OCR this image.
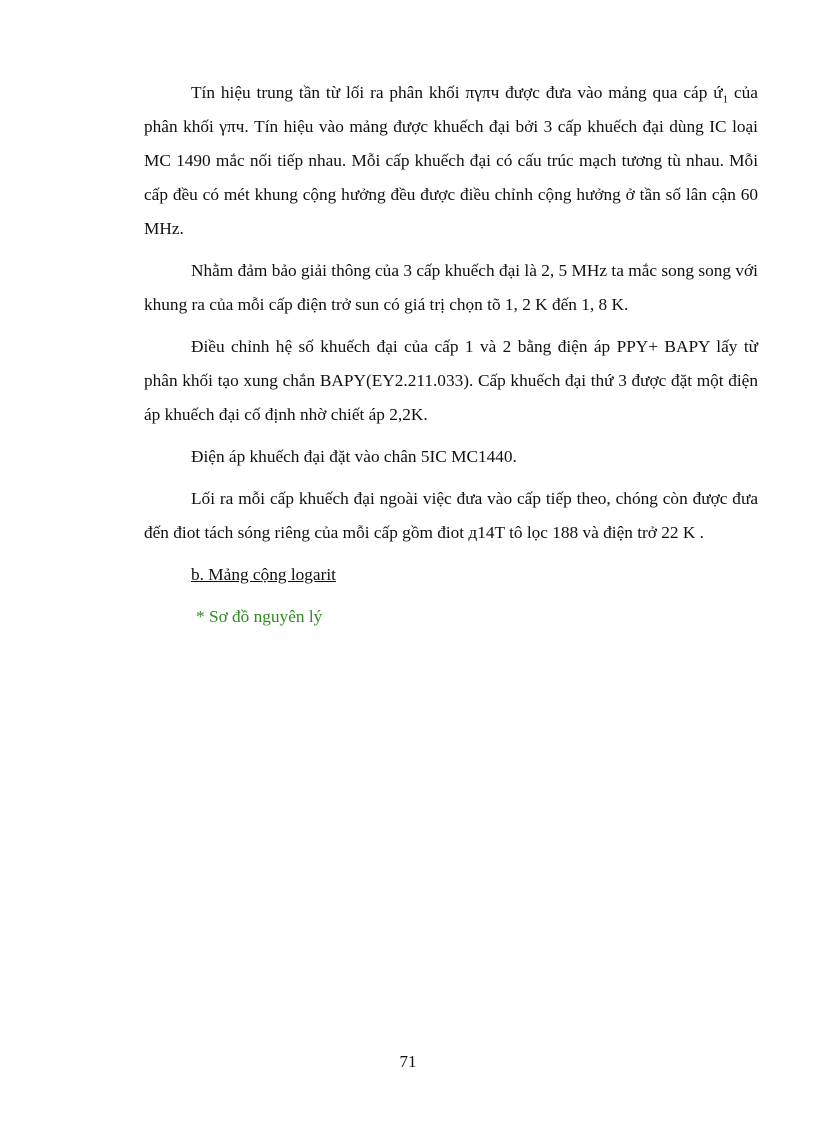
Tín hiệu trung tần từ lối ra phân khối πγπч được đưa vào mảng qua cáp ứ$_1$ của phân khối γπч. Tín hiệu vào mảng được khuếch đại bởi 3 cấp khuếch đại dùng IC loại MC 1490 mắc nối tiếp nhau. Mỗi cấp khuếch đại có cấu trúc mạch tương tù nhau. Mỗi cấp đều có mét khung cộng hưởng đều được điều chỉnh cộng hưởng ở tần số lân cận 60 MHz.

Nhằm đảm bảo giải thông của 3 cấp khuếch đại là 2, 5 MHz ta mắc song song với khung ra của mỗi cấp điện trở sun có giá trị chọn tõ 1, 2 K đến 1, 8 K.

Điều chỉnh hệ số khuếch đại của cấp 1 và 2 bằng điện áp PPY+ BAPY lấy từ phân khối tạo xung chắn BAPY(EY2.211.033). Cấp khuếch đại thứ 3 được đặt một điện áp khuếch đại cố định nhờ chiết áp 2,2K.

Điện áp khuếch đại đặt vào chân 5IC MC1440.

Lối ra mỗi cấp khuếch đại ngoài việc đưa vào cấp tiếp theo, chóng còn được đưa đến điot tách sóng riêng của mỗi cấp gồm điot д14T tô lọc 188 và điện trở 22 K .

b. Mảng cộng logarit

* Sơ đồ nguyên lý

71
